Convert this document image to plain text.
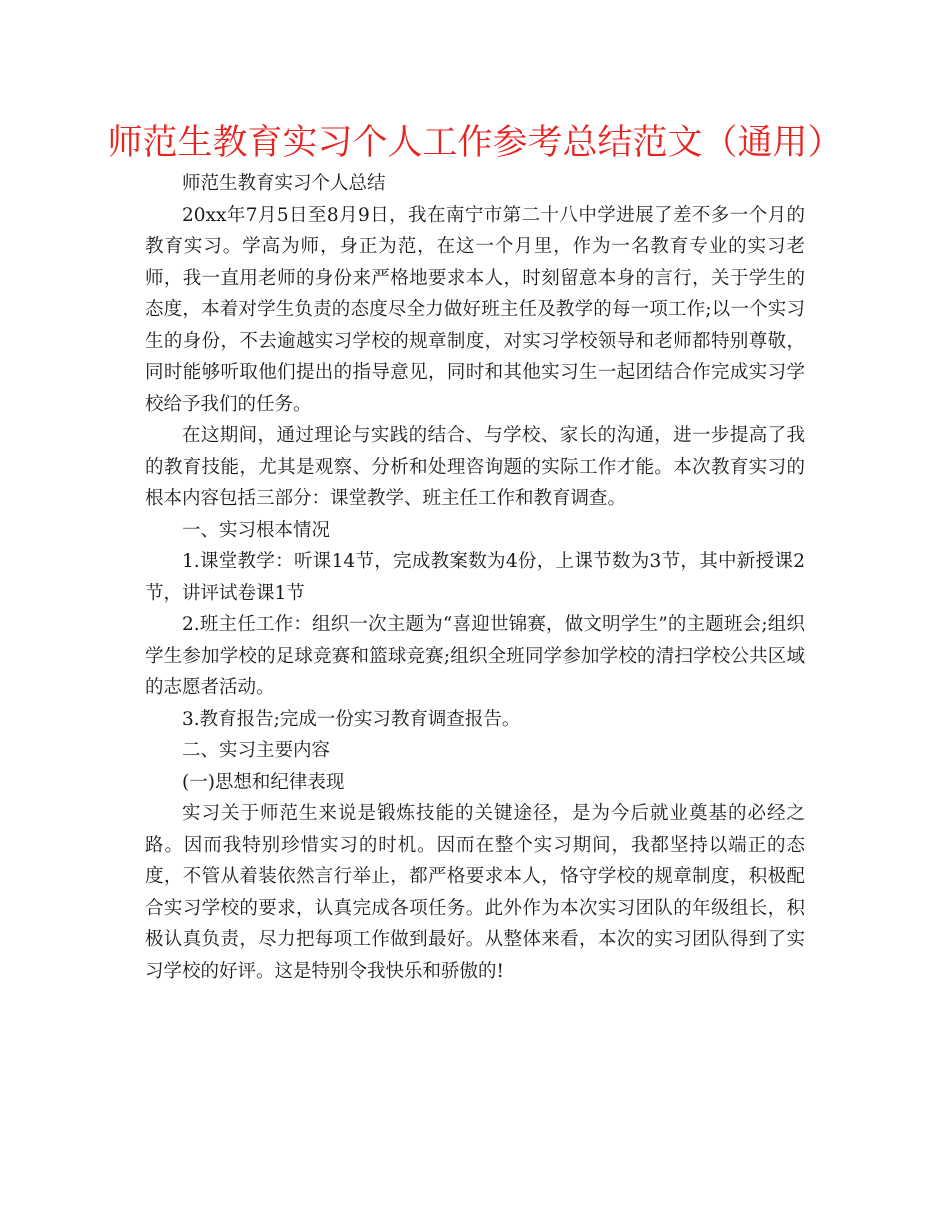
师范生教育实习个人工作参考总结范文（通用）

师范生教育实习个人总结

20xx年7月5日至8月9日，我在南宁市第二十八中学进展了差不多一个月的教育实习。学高为师，身正为范，在这一个月里，作为一名教育专业的实习老师，我一直用老师的身份来严格地要求本人，时刻留意本身的言行，关于学生的态度，本着对学生负责的态度尽全力做好班主任及教学的每一项工作;以一个实习生的身份，不去逾越实习学校的规章制度，对实习学校领导和老师都特别尊敬，同时能够听取他们提出的指导意见，同时和其他实习生一起团结合作完成实习学校给予我们的任务。

在这期间，通过理论与实践的结合、与学校、家长的沟通，进一步提高了我的教育技能，尤其是观察、分析和处理咨询题的实际工作才能。本次教育实习的根本内容包括三部分：课堂教学、班主任工作和教育调查。

一、实习根本情况

1.课堂教学：听课14节，完成教案数为4份，上课节数为3节，其中新授课2节，讲评试卷课1节

2.班主任工作：组织一次主题为“喜迎世锦赛，做文明学生”的主题班会;组织学生参加学校的足球竞赛和篮球竞赛;组织全班同学参加学校的清扫学校公共区域的志愿者活动。

3.教育报告;完成一份实习教育调查报告。

二、实习主要内容

(一)思想和纪律表现

实习关于师范生来说是锻炼技能的关键途径，是为今后就业奠基的必经之路。因而我特别珍惜实习的时机。因而在整个实习期间，我都坚持以端正的态度，不管从着装依然言行举止，都严格要求本人，恪守学校的规章制度，积极配合实习学校的要求，认真完成各项任务。此外作为本次实习团队的年级组长，积极认真负责，尽力把每项工作做到最好。从整体来看，本次的实习团队得到了实习学校的好评。这是特别令我快乐和骄傲的!
